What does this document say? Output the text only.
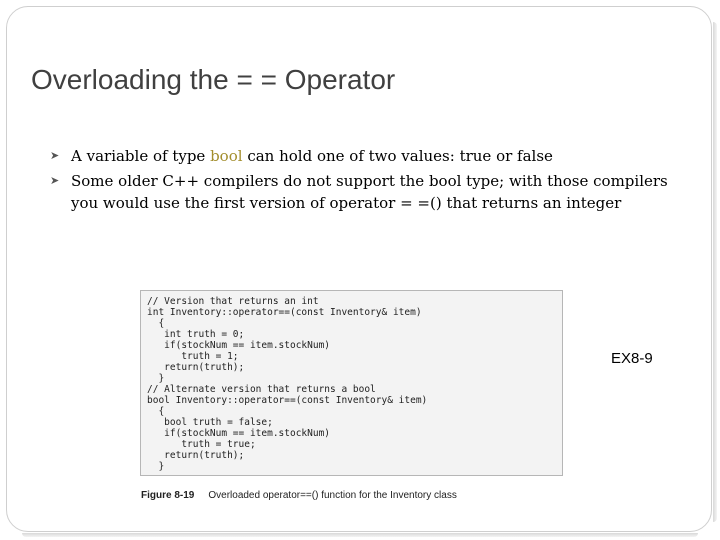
Overloading the = = Operator
➤ A variable of type bool can hold one of two values: true or false
➤ Some older C++ compilers do not support the bool type; with those compilers you would use the first version of operator = =() that returns an integer
// Version that returns an int
int Inventory::operator==(const Inventory& item)
{
int truth = 0;
if(stockNum == item.stockNum)
truth = 1;
return(truth);
}
// Alternate version that returns a bool
bool Inventory::operator==(const Inventory& item)
{
bool truth = false;
if(stockNum == item.stockNum)
truth = true;
return(truth);
}
Figure 8-19 Overloaded operator==() function for the Inventory class
EX8-9
